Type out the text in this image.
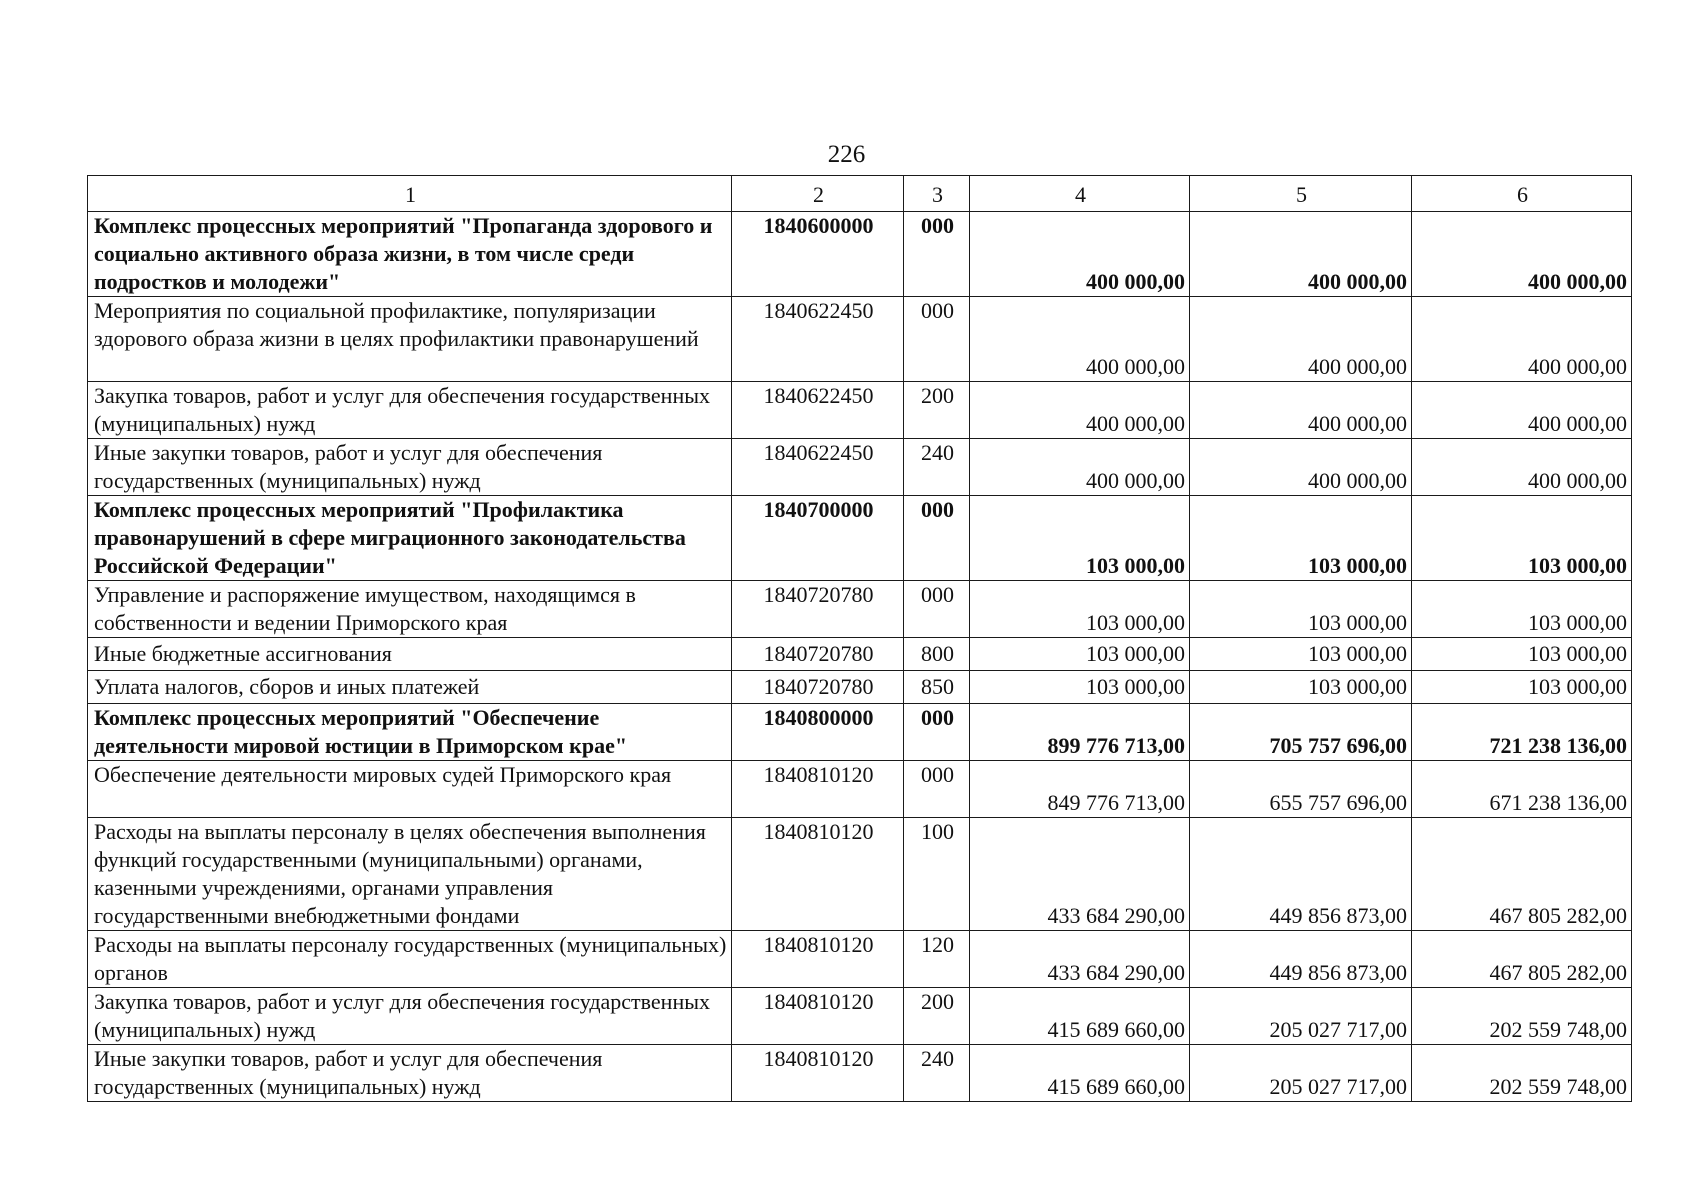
226
1	2	3	4	5	6
Комплекс процессных мероприятий "Пропаганда здорового и социально активного образа жизни, в том числе среди подростков и молодежи"	1840600000	000	400 000,00	400 000,00	400 000,00
Мероприятия по социальной профилактике, популяризации здорового образа жизни в целях профилактики правонарушений	1840622450	000	400 000,00	400 000,00	400 000,00
Закупка товаров, работ и услуг для обеспечения государственных (муниципальных) нужд	1840622450	200	400 000,00	400 000,00	400 000,00
Иные закупки товаров, работ и услуг для обеспечения государственных (муниципальных) нужд	1840622450	240	400 000,00	400 000,00	400 000,00
Комплекс процессных мероприятий "Профилактика правонарушений в сфере миграционного законодательства Российской Федерации"	1840700000	000	103 000,00	103 000,00	103 000,00
Управление и распоряжение имуществом, находящимся в собственности и ведении Приморского края	1840720780	000	103 000,00	103 000,00	103 000,00
Иные бюджетные ассигнования	1840720780	800	103 000,00	103 000,00	103 000,00
Уплата налогов, сборов и иных платежей	1840720780	850	103 000,00	103 000,00	103 000,00
Комплекс процессных мероприятий "Обеспечение деятельности мировой юстиции в Приморском крае"	1840800000	000	899 776 713,00	705 757 696,00	721 238 136,00
Обеспечение деятельности мировых судей Приморского края	1840810120	000	849 776 713,00	655 757 696,00	671 238 136,00
Расходы на выплаты персоналу в целях обеспечения выполнения функций государственными (муниципальными) органами, казенными учреждениями, органами управления государственными внебюджетными фондами	1840810120	100	433 684 290,00	449 856 873,00	467 805 282,00
Расходы на выплаты персоналу государственных (муниципальных) органов	1840810120	120	433 684 290,00	449 856 873,00	467 805 282,00
Закупка товаров, работ и услуг для обеспечения государственных (муниципальных) нужд	1840810120	200	415 689 660,00	205 027 717,00	202 559 748,00
Иные закупки товаров, работ и услуг для обеспечения государственных (муниципальных) нужд	1840810120	240	415 689 660,00	205 027 717,00	202 559 748,00
